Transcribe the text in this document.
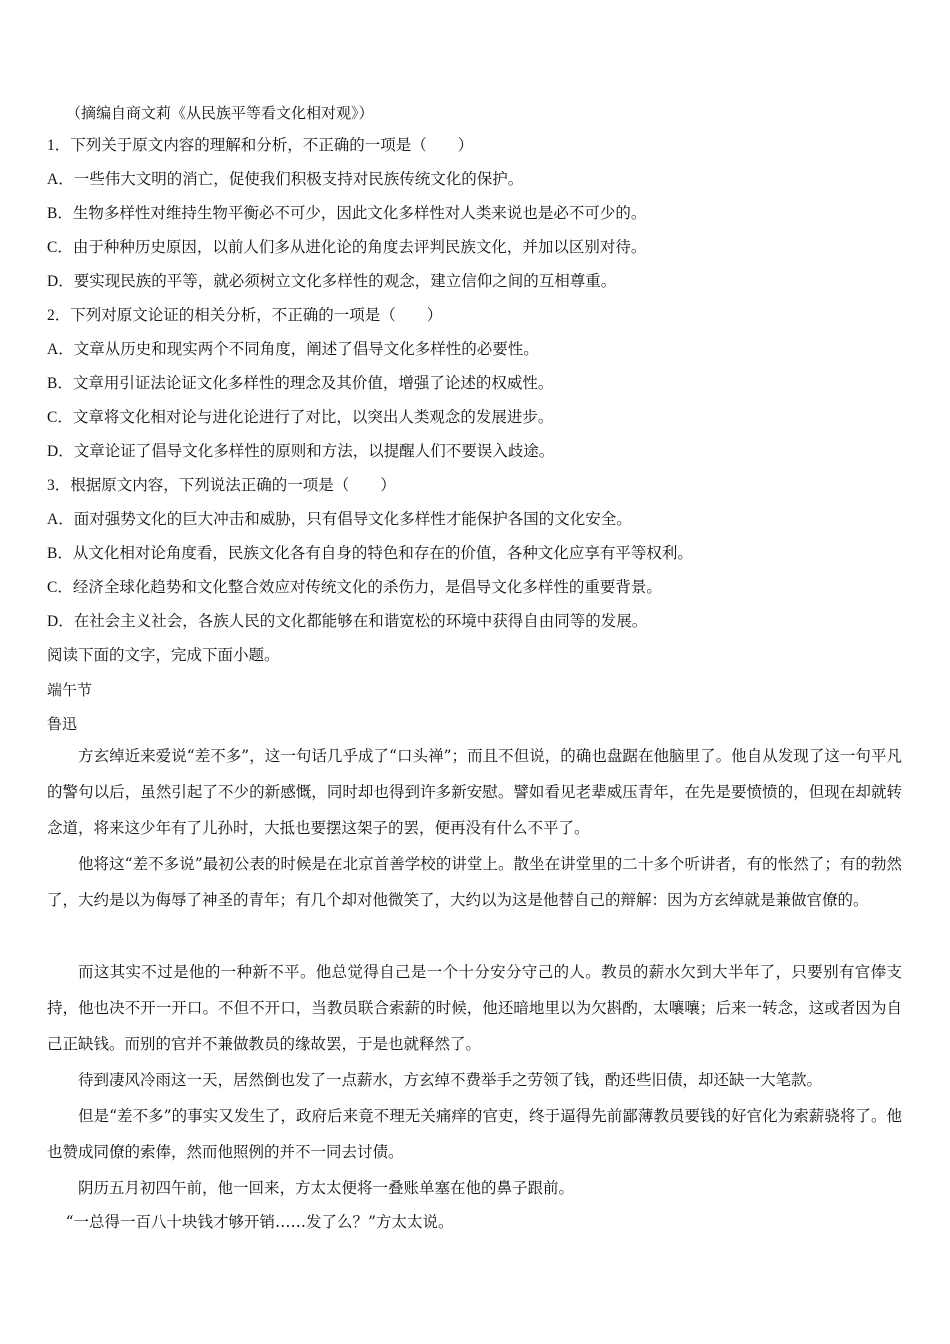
（摘编自商文莉《从民族平等看文化相对观》）
1．下列关于原文内容的理解和分析，不正确的一项是（　　）
A．一些伟大文明的消亡，促使我们积极支持对民族传统文化的保护。
B．生物多样性对维持生物平衡必不可少，因此文化多样性对人类来说也是必不可少的。
C．由于种种历史原因，以前人们多从进化论的角度去评判民族文化，并加以区别对待。
D．要实现民族的平等，就必须树立文化多样性的观念，建立信仰之间的互相尊重。
2．下列对原文论证的相关分析，不正确的一项是（　　）
A．文章从历史和现实两个不同角度，阐述了倡导文化多样性的必要性。
B．文章用引证法论证文化多样性的理念及其价值，增强了论述的权威性。
C．文章将文化相对论与进化论进行了对比，以突出人类观念的发展进步。
D．文章论证了倡导文化多样性的原则和方法，以提醒人们不要误入歧途。
3．根据原文内容，下列说法正确的一项是（　　）
A．面对强势文化的巨大冲击和威胁，只有倡导文化多样性才能保护各国的文化安全。
B．从文化相对论角度看，民族文化各有自身的特色和存在的价值，各种文化应享有平等权利。
C．经济全球化趋势和文化整合效应对传统文化的杀伤力，是倡导文化多样性的重要背景。
D．在社会主义社会，各族人民的文化都能够在和谐宽松的环境中获得自由同等的发展。
阅读下面的文字，完成下面小题。
端午节
鲁迅
方玄绰近来爱说“差不多”，这一句话几乎成了“口头禅”；而且不但说，的确也盘踞在他脑里了。他自从发现了这一句平凡的警句以后，虽然引起了不少的新感慨，同时却也得到许多新安慰。譬如看见老辈威压青年，在先是要愤愤的，但现在却就转念道，将来这少年有了儿孙时，大抵也要摆这架子的罢，便再没有什么不平了。
他将这“差不多说”最初公表的时候是在北京首善学校的讲堂上。散坐在讲堂里的二十多个听讲者，有的怅然了；有的勃然了，大约是以为侮辱了神圣的青年；有几个却对他微笑了，大约以为这是他替自己的辩解：因为方玄绰就是兼做官僚的。
而这其实不过是他的一种新不平。他总觉得自己是一个十分安分守己的人。教员的薪水欠到大半年了，只要别有官俸支持，他也决不开一开口。不但不开口，当教员联合索薪的时候，他还暗地里以为欠斟酌，太嚷嚷；后来一转念，这或者因为自己正缺钱。而别的官并不兼做教员的缘故罢，于是也就释然了。
待到凄风冷雨这一天，居然倒也发了一点薪水，方玄绰不费举手之劳领了钱，酌还些旧债，却还缺一大笔款。
但是“差不多”的事实又发生了，政府后来竟不理无关痛痒的官吏，终于逼得先前鄙薄教员要钱的好官化为索薪骁将了。他也赞成同僚的索俸，然而他照例的并不一同去讨债。
阴历五月初四午前，他一回来，方太太便将一叠账单塞在他的鼻子跟前。
“一总得一百八十块钱才够开销……发了么？”方太太说。
